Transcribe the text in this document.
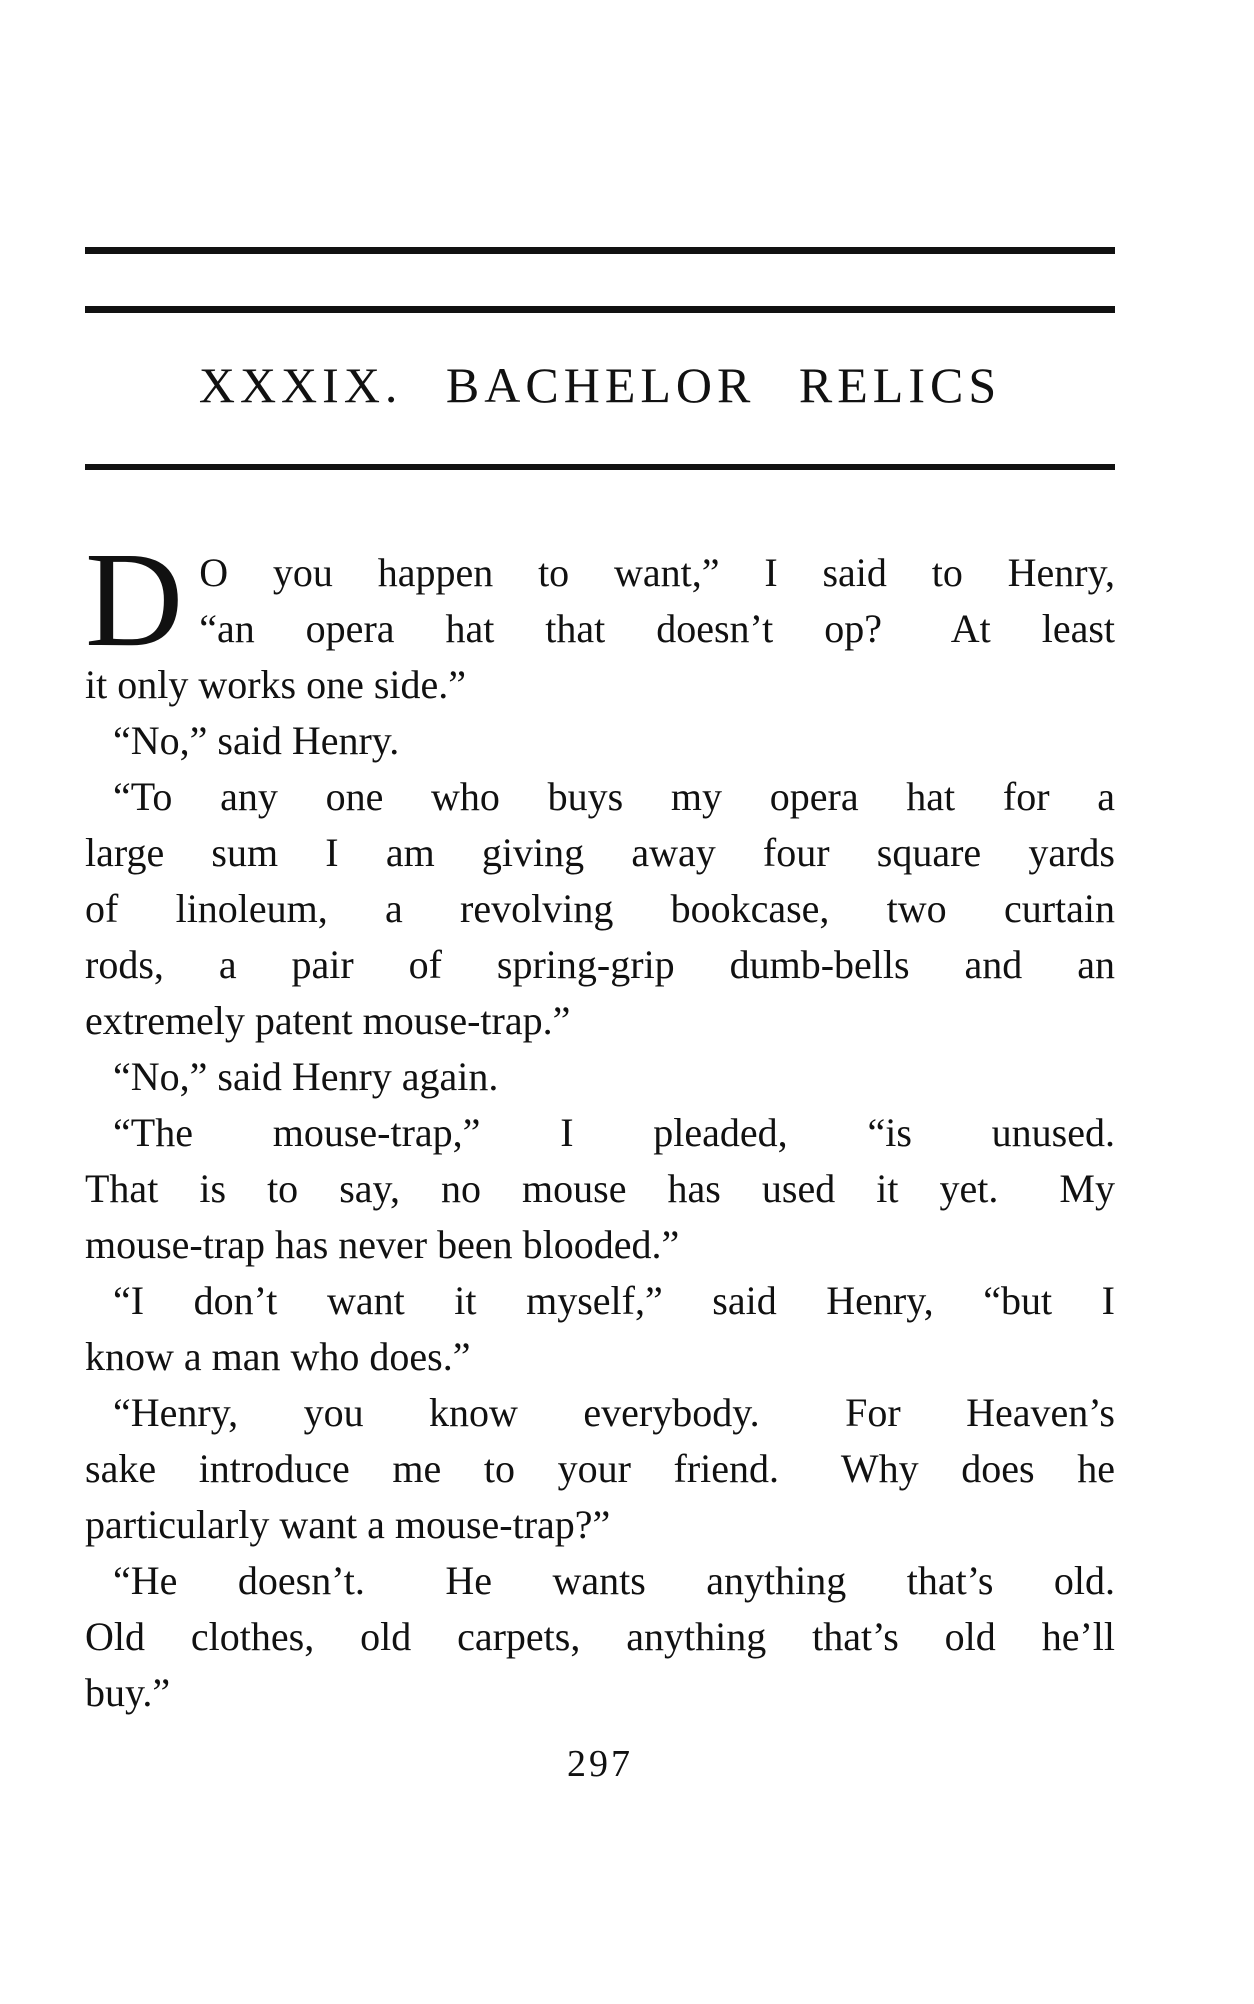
XXXIX. BACHELOR RELICS
D O you happen to want,” I said to Henry,
“an opera hat that doesn’t op?  At least
it only works one side.”
“No,” said Henry.
“To any one who buys my opera hat for a
large sum I am giving away four square yards
of linoleum, a revolving bookcase, two curtain
rods, a pair of spring-grip dumb-bells and an
extremely patent mouse-trap.”
“No,” said Henry again.
“The mouse-trap,” I pleaded, “is unused.
That is to say, no mouse has used it yet.  My
mouse-trap has never been blooded.”
“I don’t want it myself,” said Henry, “but I
know a man who does.”
“Henry, you know everybody.  For Heaven’s
sake introduce me to your friend.  Why does he
particularly want a mouse-trap?”
“He doesn’t.  He wants anything that’s old.
Old clothes, old carpets, anything that’s old he’ll
buy.”
297
